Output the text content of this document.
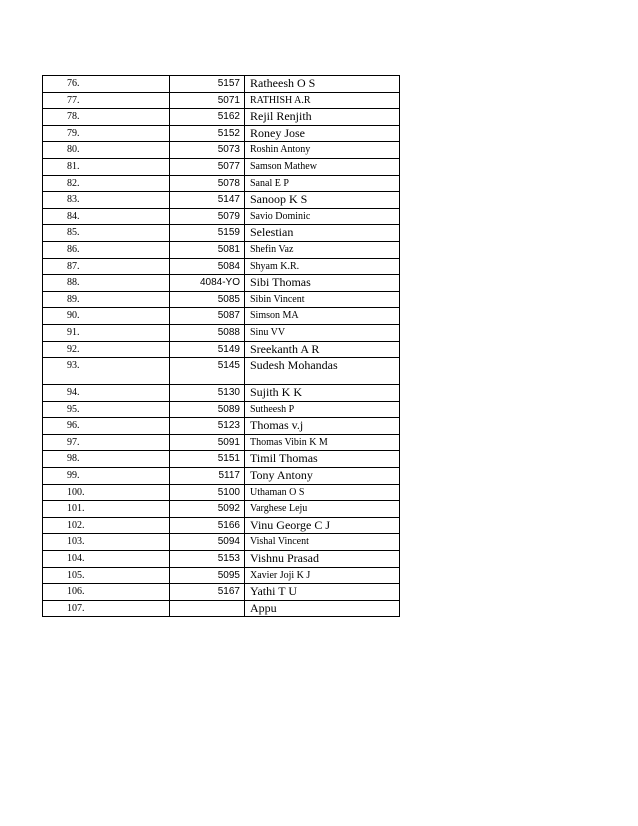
76.	5157	Ratheesh O S
77.	5071	RATHISH A.R
78.	5162	Rejil Renjith
79.	5152	Roney Jose
80.	5073	Roshin Antony
81.	5077	Samson Mathew
82.	5078	Sanal E P
83.	5147	Sanoop K S
84.	5079	Savio Dominic
85.	5159	Selestian
86.	5081	Shefin Vaz
87.	5084	Shyam K.R.
88.	4084-YO	Sibi Thomas
89.	5085	Sibin Vincent
90.	5087	Simson MA
91.	5088	Sinu VV
92.	5149	Sreekanth A R
93.	5145	Sudesh Mohandas
94.	5130	Sujith K K
95.	5089	Sutheesh P
96.	5123	Thomas v.j
97.	5091	Thomas Vibin K M
98.	5151	Timil Thomas
99.	5117	Tony Antony
100.	5100	Uthaman O S
101.	5092	Varghese Leju
102.	5166	Vinu George C J
103.	5094	Vishal Vincent
104.	5153	Vishnu Prasad
105.	5095	Xavier Joji K J
106.	5167	Yathi T U
107.		Appu
